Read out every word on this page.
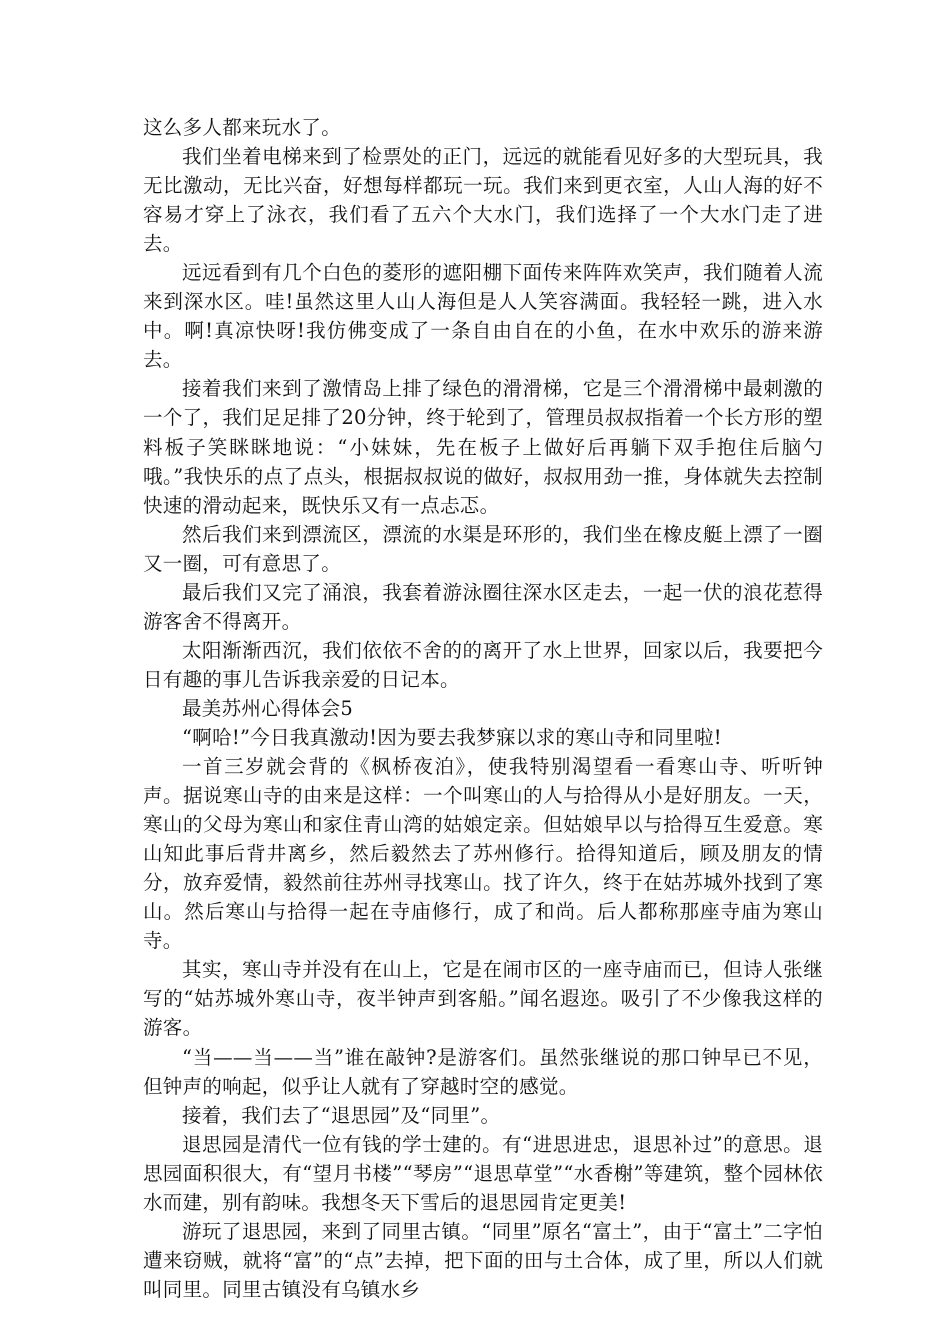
这么多人都来玩水了。

我们坐着电梯来到了检票处的正门，远远的就能看见好多的大型玩具，我无比激动，无比兴奋，好想每样都玩一玩。我们来到更衣室，人山人海的好不容易才穿上了泳衣，我们看了五六个大水门，我们选择了一个大水门走了进去。

远远看到有几个白色的菱形的遮阳棚下面传来阵阵欢笑声，我们随着人流来到深水区。哇!虽然这里人山人海但是人人笑容满面。我轻轻一跳，进入水中。啊!真凉快呀!我仿佛变成了一条自由自在的小鱼，在水中欢乐的游来游去。

接着我们来到了激情岛上排了绿色的滑滑梯，它是三个滑滑梯中最刺激的一个了，我们足足排了20分钟，终于轮到了，管理员叔叔指着一个长方形的塑料板子笑眯眯地说：“小妹妹，先在板子上做好后再躺下双手抱住后脑勺哦。”我快乐的点了点头，根据叔叔说的做好，叔叔用劲一推，身体就失去控制快速的滑动起来，既快乐又有一点忐忑。

然后我们来到漂流区，漂流的水渠是环形的，我们坐在橡皮艇上漂了一圈又一圈，可有意思了。

最后我们又完了涌浪，我套着游泳圈往深水区走去，一起一伏的浪花惹得游客舍不得离开。

太阳渐渐西沉，我们依依不舍的的离开了水上世界，回家以后，我要把今日有趣的事儿告诉我亲爱的日记本。

最美苏州心得体会5

“啊哈!”今日我真激动!因为要去我梦寐以求的寒山寺和同里啦!

一首三岁就会背的《枫桥夜泊》，使我特别渴望看一看寒山寺、听听钟声。据说寒山寺的由来是这样：一个叫寒山的人与拾得从小是好朋友。一天，寒山的父母为寒山和家住青山湾的姑娘定亲。但姑娘早以与拾得互生爱意。寒山知此事后背井离乡，然后毅然去了苏州修行。拾得知道后，顾及朋友的情分，放弃爱情，毅然前往苏州寻找寒山。找了许久，终于在姑苏城外找到了寒山。然后寒山与拾得一起在寺庙修行，成了和尚。后人都称那座寺庙为寒山寺。

其实，寒山寺并没有在山上，它是在闹市区的一座寺庙而已，但诗人张继写的“姑苏城外寒山寺，夜半钟声到客船。”闻名遐迩。吸引了不少像我这样的游客。

“当——当——当”谁在敲钟?是游客们。虽然张继说的那口钟早已不见，但钟声的响起，似乎让人就有了穿越时空的感觉。

接着，我们去了“退思园”及“同里”。

退思园是清代一位有钱的学士建的。有“进思进忠，退思补过”的意思。退思园面积很大，有“望月书楼”“琴房”“退思草堂”“水香榭”等建筑，整个园林依水而建，别有韵味。我想冬天下雪后的退思园肯定更美!

游玩了退思园，来到了同里古镇。“同里”原名“富土”，由于“富土”二字怕遭来窃贼，就将“富”的“点”去掉，把下面的田与土合体，成了里，所以人们就叫同里。同里古镇没有乌镇水乡
